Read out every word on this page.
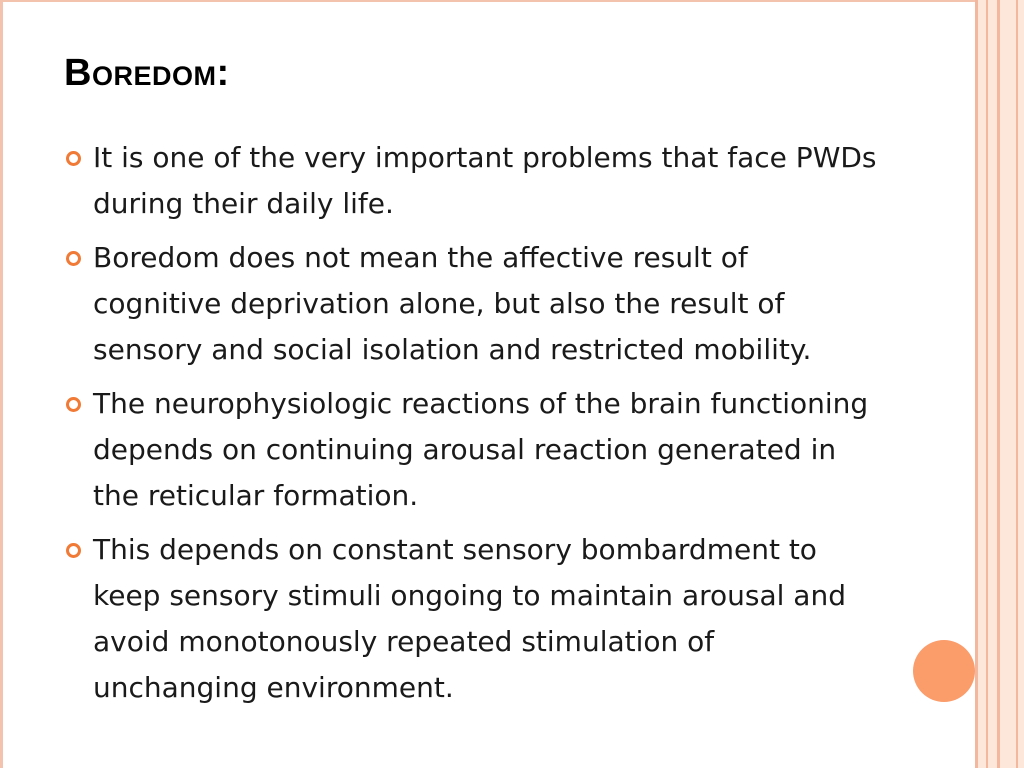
Boredom:
It is one of the very important problems that face PWDs during their daily life.
Boredom does not mean the affective result of cognitive deprivation alone, but also the result of sensory and social isolation and restricted mobility.
The neurophysiologic reactions of the brain functioning depends on continuing arousal reaction generated in the reticular formation.
This depends on constant sensory bombardment to keep sensory stimuli ongoing to maintain arousal and avoid monotonously repeated stimulation of unchanging environment.
